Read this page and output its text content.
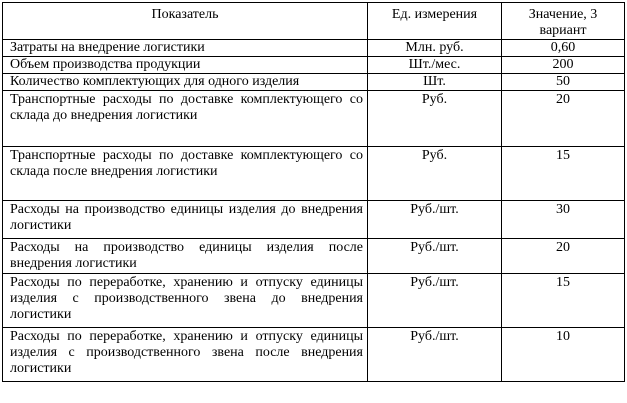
Показатель	Ед. измерения	Значение, 3 вариант
Затраты на внедрение логистики	Млн. руб.	0,60
Объем производства продукции	Шт./мес.	200
Количество комплектующих для одного изделия	Шт.	50
Транспортные расходы по доставке комплектующего со склада до внедрения логистики	Руб.	20
Транспортные расходы по доставке комплектующего со склада после внедрения логистики	Руб.	15
Расходы на производство единицы изделия до внедрения логистики	Руб./шт.	30
Расходы на производство единицы изделия после внедрения логистики	Руб./шт.	20
Расходы по переработке, хранению и отпуску единицы изделия с производственного звена до внедрения логистики	Руб./шт.	15
Расходы по переработке, хранению и отпуску единицы изделия с производственного звена после внедрения логистики	Руб./шт.	10
